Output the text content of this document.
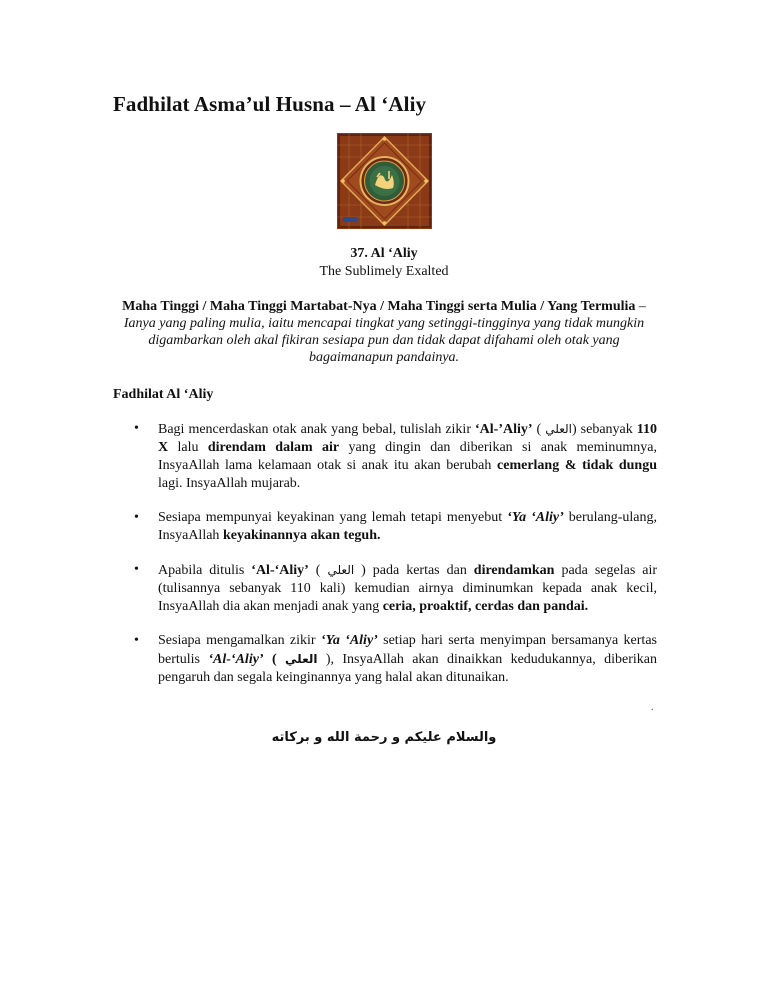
Fadhilat Asma’ul Husna – Al ‘Aliy
37. Al ‘Aliy
The Sublimely Exalted
Maha Tinggi / Maha Tinggi Martabat-Nya / Maha Tinggi serta Mulia / Yang Termulia – Ianya yang paling mulia, iaitu mencapai tingkat yang setinggi-tingginya yang tidak mungkin digambarkan oleh akal fikiran sesiapa pun dan tidak dapat difahami oleh otak yang bagaimanapun pandainya.
Fadhilat Al ‘Aliy
• Bagi mencerdaskan otak anak yang bebal, tulislah zikir ‘Al-’Aliy’ ( العلي) sebanyak 110 X lalu direndam dalam air yang dingin dan diberikan si anak meminumnya, InsyaAllah lama kelamaan otak si anak itu akan berubah cemerlang & tidak dungu lagi. InsyaAllah mujarab.
• Sesiapa mempunyai keyakinan yang lemah tetapi menyebut ‘Ya ‘Aliy’ berulang-ulang, InsyaAllah keyakinannya akan teguh.
• Apabila ditulis ‘Al-‘Aliy’ ( العلي ) pada kertas dan direndamkan pada segelas air (tulisannya sebanyak 110 kali) kemudian airnya diminumkan kepada anak kecil, InsyaAllah dia akan menjadi anak yang ceria, proaktif, cerdas dan pandai.
• Sesiapa mengamalkan zikir ‘Ya ‘Aliy’ setiap hari serta menyimpan bersamanya kertas bertulis ‘Al-‘Aliy’ ( العلي ), InsyaAllah akan dinaikkan kedudukannya, diberikan pengaruh dan segala keinginannya yang halal akan ditunaikan.
.
والسلام عليكم و رحمة الله و بركاته
